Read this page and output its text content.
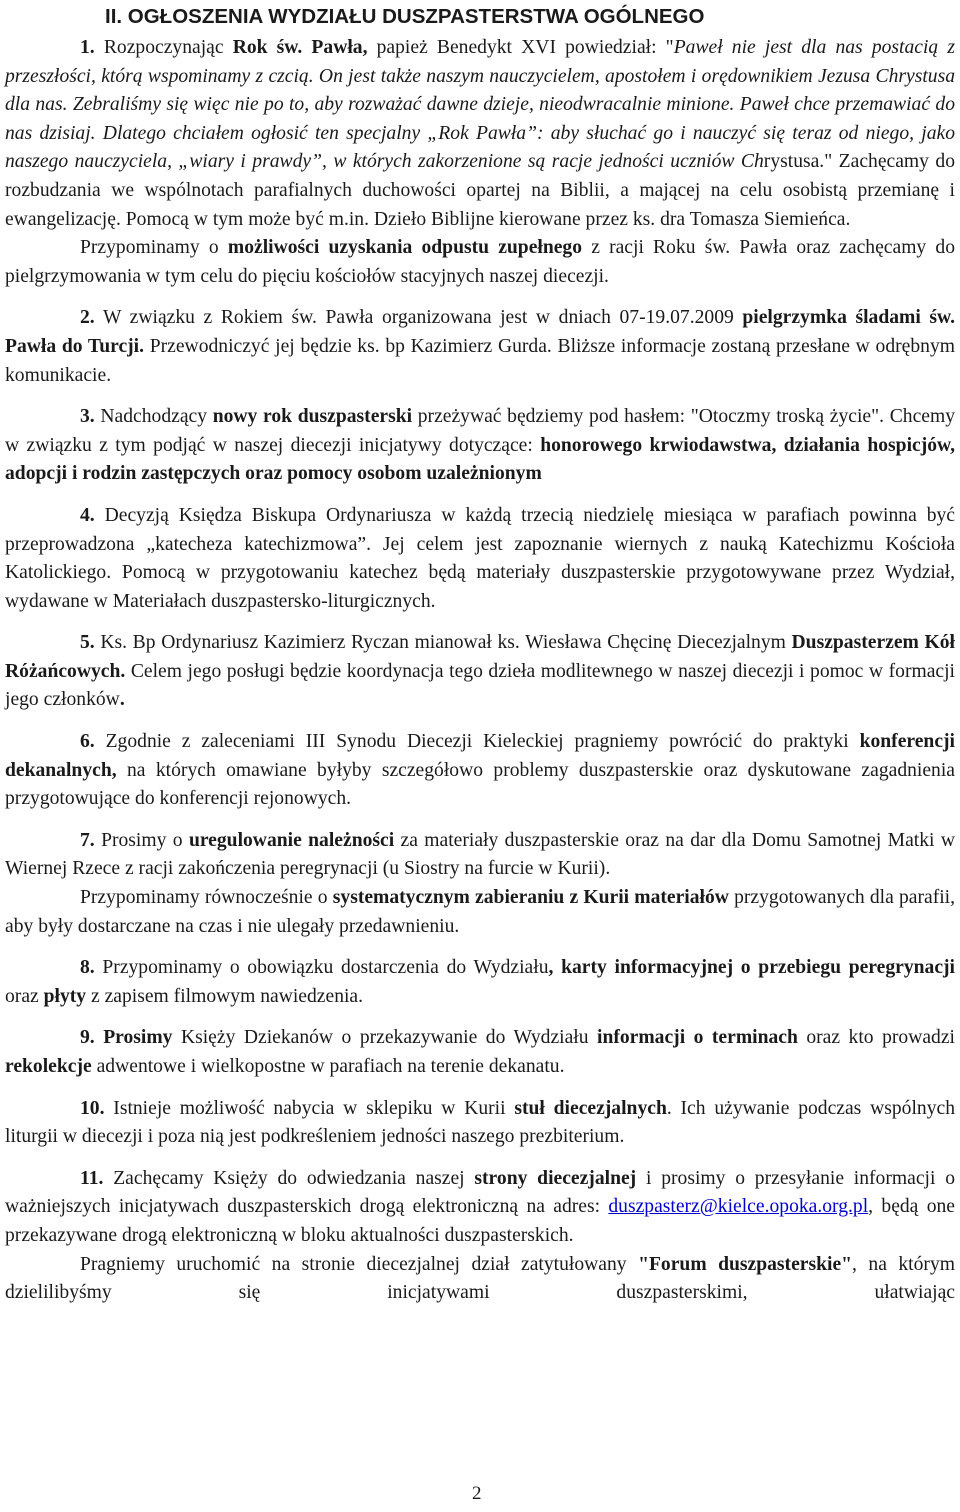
II. OGŁOSZENIA WYDZIAŁU DUSZPASTERSTWA OGÓLNEGO

1. Rozpoczynając Rok św. Pawła, papież Benedykt XVI powiedział: "Paweł nie jest dla nas postacią z przeszłości, którą wspominamy z czcią. On jest także naszym nauczycielem, apostołem i orędownikiem Jezusa Chrystusa dla nas. Zebraliśmy się więc nie po to, aby rozważać dawne dzieje, nieodwracalnie minione. Paweł chce przemawiać do nas dzisiaj. Dlatego chciałem ogłosić ten specjalny „Rok Pawła”: aby słuchać go i nauczyć się teraz od niego, jako naszego nauczyciela, „wiary i prawdy”, w których zakorzenione są racje jedności uczniów Chrystusa." Zachęcamy do rozbudzania we wspólnotach parafialnych duchowości opartej na Biblii, a mającej na celu osobistą przemianę i ewangelizację. Pomocą w tym może być m.in. Dzieło Biblijne kierowane przez ks. dra Tomasza Siemieńca.

Przypominamy o możliwości uzyskania odpustu zupełnego z racji Roku św. Pawła oraz zachęcamy do pielgrzymowania w tym celu do pięciu kościołów stacyjnych naszej diecezji.

2. W związku z Rokiem św. Pawła organizowana jest w dniach 07-19.07.2009 pielgrzymka śladami św. Pawła do Turcji. Przewodniczyć jej będzie ks. bp Kazimierz Gurda. Bliższe informacje zostaną przesłane w odrębnym komunikacie.

3. Nadchodzący nowy rok duszpasterski przeżywać będziemy pod hasłem: "Otoczmy troską życie". Chcemy w związku z tym podjąć w naszej diecezji inicjatywy dotyczące: honorowego krwiodawstwa, działania hospicjów, adopcji i rodzin zastępczych oraz pomocy osobom uzależnionym

4. Decyzją Księdza Biskupa Ordynariusza w każdą trzecią niedzielę miesiąca w parafiach powinna być przeprowadzona „katecheza katechizmowa”. Jej celem jest zapoznanie wiernych z nauką Katechizmu Kościoła Katolickiego. Pomocą w przygotowaniu katechez będą materiały duszpasterskie przygotowywane przez Wydział, wydawane w Materiałach duszpastersko-liturgicznych.

5. Ks. Bp Ordynariusz Kazimierz Ryczan mianował ks. Wiesława Chęcinę Diecezjalnym Duszpasterzem Kół Różańcowych. Celem jego posługi będzie koordynacja tego dzieła modlitewnego w naszej diecezji i pomoc w formacji jego członków.

6. Zgodnie z zaleceniami III Synodu Diecezji Kieleckiej pragniemy powrócić do praktyki konferencji dekanalnych, na których omawiane byłyby szczegółowo problemy duszpasterskie oraz dyskutowane zagadnienia przygotowujące do konferencji rejonowych.

7. Prosimy o uregulowanie należności za materiały duszpasterskie oraz na dar dla Domu Samotnej Matki w Wiernej Rzece z racji zakończenia peregrynacji (u Siostry na furcie w Kurii).

Przypominamy równocześnie o systematycznym zabieraniu z Kurii materiałów przygotowanych dla parafii, aby były dostarczane na czas i nie ulegały przedawnieniu.

8. Przypominamy o obowiązku dostarczenia do Wydziału, karty informacyjnej o przebiegu peregrynacji oraz płyty z zapisem filmowym nawiedzenia.

9. Prosimy Księży Dziekanów o przekazywanie do Wydziału informacji o terminach oraz kto prowadzi rekolekcje adwentowe i wielkopostne w parafiach na terenie dekanatu.

10. Istnieje możliwość nabycia w sklepiku w Kurii stuł diecezjalnych. Ich używanie podczas wspólnych liturgii w diecezji i poza nią jest podkreśleniem jedności naszego prezbiterium.

11. Zachęcamy Księży do odwiedzania naszej strony diecezjalnej i prosimy o przesyłanie informacji o ważniejszych inicjatywach duszpasterskich drogą elektroniczną na adres: duszpasterz@kielce.opoka.org.pl, będą one przekazywane drogą elektroniczną w bloku aktualności duszpasterskich.

Pragniemy uruchomić na stronie diecezjalnej dział zatytułowany "Forum duszpasterskie", na którym dzielilibyśmy się inicjatywami duszpasterskimi, ułatwiając

2
